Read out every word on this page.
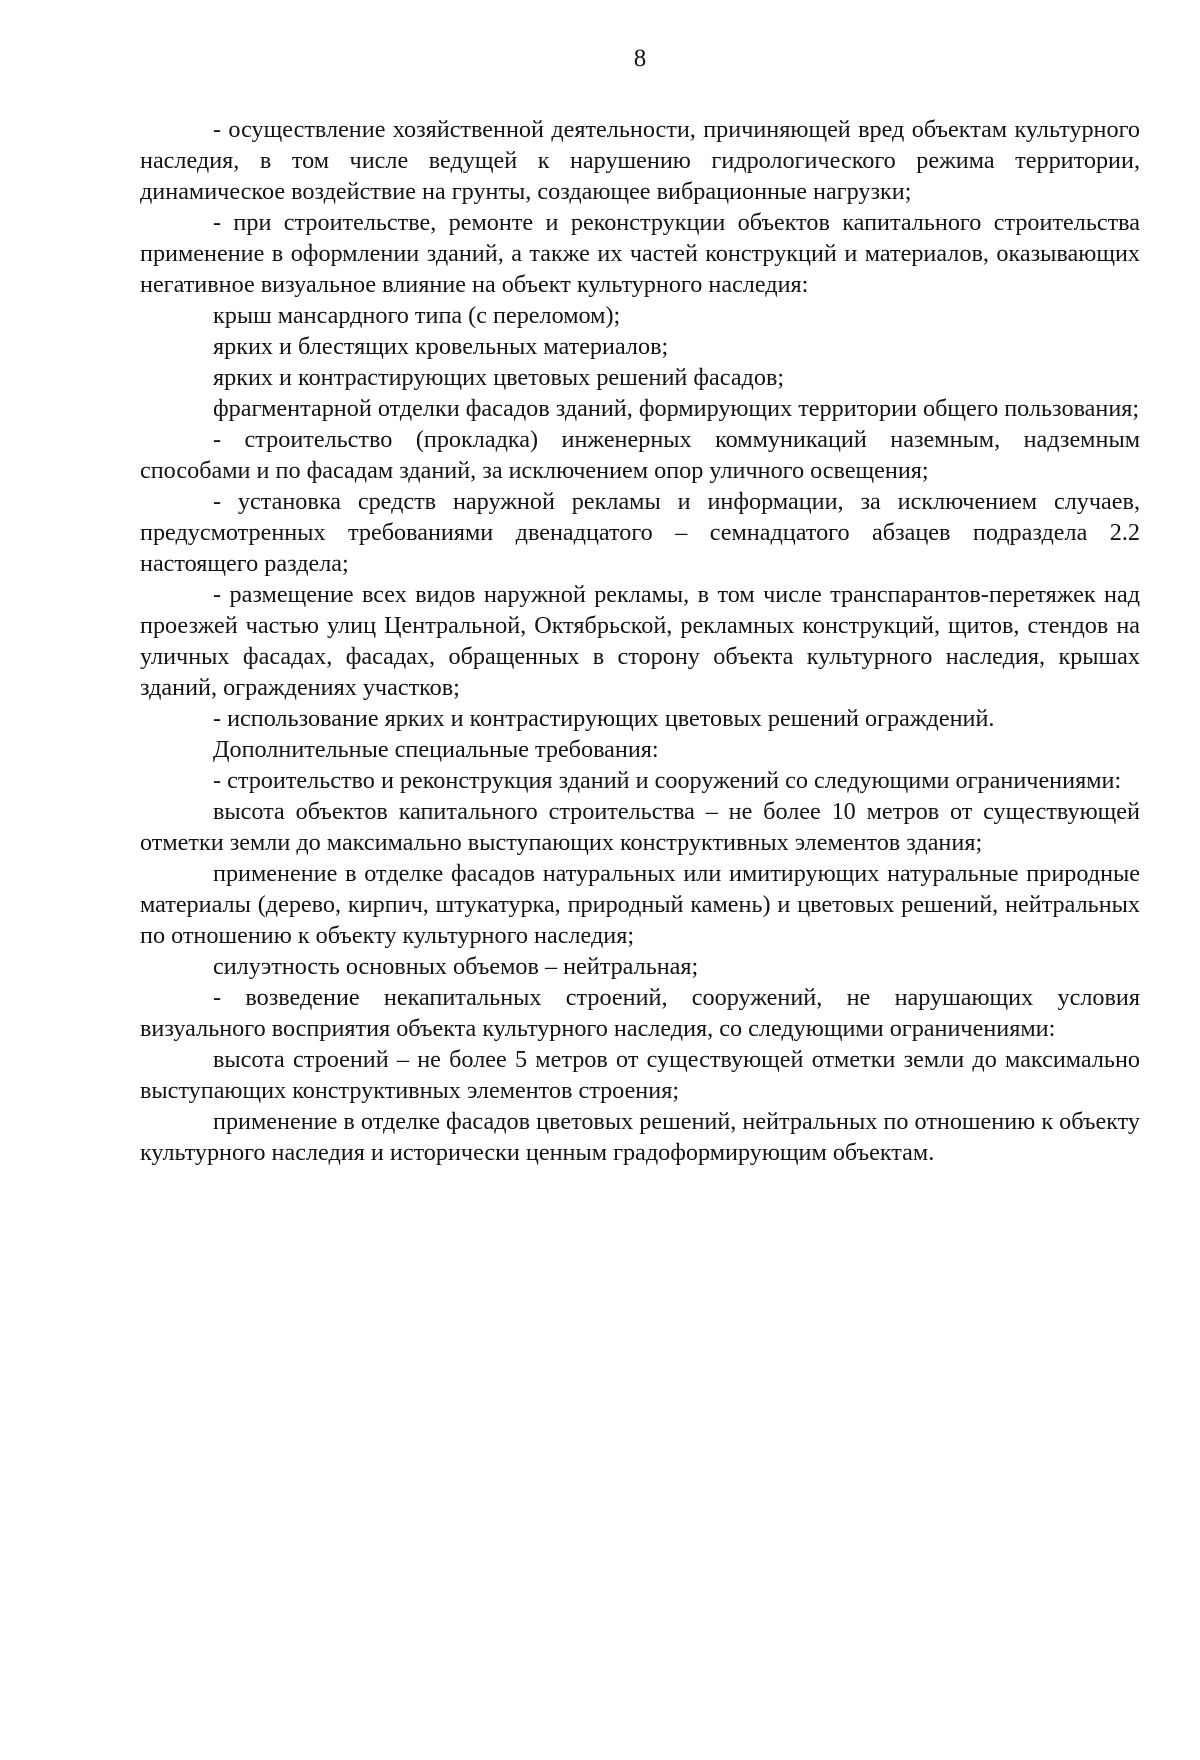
8

- осуществление хозяйственной деятельности, причиняющей вред объектам культурного наследия, в том числе ведущей к нарушению гидрологического режима территории, динамическое воздействие на грунты, создающее вибрационные нагрузки;

- при строительстве, ремонте и реконструкции объектов капитального строительства применение в оформлении зданий, а также их частей конструкций и материалов, оказывающих негативное визуальное влияние на объект культурного наследия:

крыш мансардного типа (с переломом);

ярких и блестящих кровельных материалов;

ярких и контрастирующих цветовых решений фасадов;

фрагментарной отделки фасадов зданий, формирующих территории общего пользования;

- строительство (прокладка) инженерных коммуникаций наземным, надземным способами и по фасадам зданий, за исключением опор уличного освещения;

- установка средств наружной рекламы и информации, за исключением случаев, предусмотренных требованиями двенадцатого – семнадцатого абзацев подраздела 2.2 настоящего раздела;

- размещение всех видов наружной рекламы, в том числе транспарантов-перетяжек над проезжей частью улиц Центральной, Октябрьской, рекламных конструкций, щитов, стендов на уличных фасадах, фасадах, обращенных в сторону объекта культурного наследия, крышах зданий, ограждениях участков;

- использование ярких и контрастирующих цветовых решений ограждений.

Дополнительные специальные требования:

- строительство и реконструкция зданий и сооружений со следующими ограничениями:

высота объектов капитального строительства – не более 10 метров от существующей отметки земли до максимально выступающих конструктивных элементов здания;

применение в отделке фасадов натуральных или имитирующих натуральные природные материалы (дерево, кирпич, штукатурка, природный камень) и цветовых решений, нейтральных по отношению к объекту культурного наследия;

силуэтность основных объемов – нейтральная;

- возведение некапитальных строений, сооружений, не нарушающих условия визуального восприятия объекта культурного наследия, со следующими ограничениями:

высота строений – не более 5 метров от существующей отметки земли до максимально выступающих конструктивных элементов строения;

применение в отделке фасадов цветовых решений, нейтральных по отношению к объекту культурного наследия и исторически ценным градоформирующим объектам.
